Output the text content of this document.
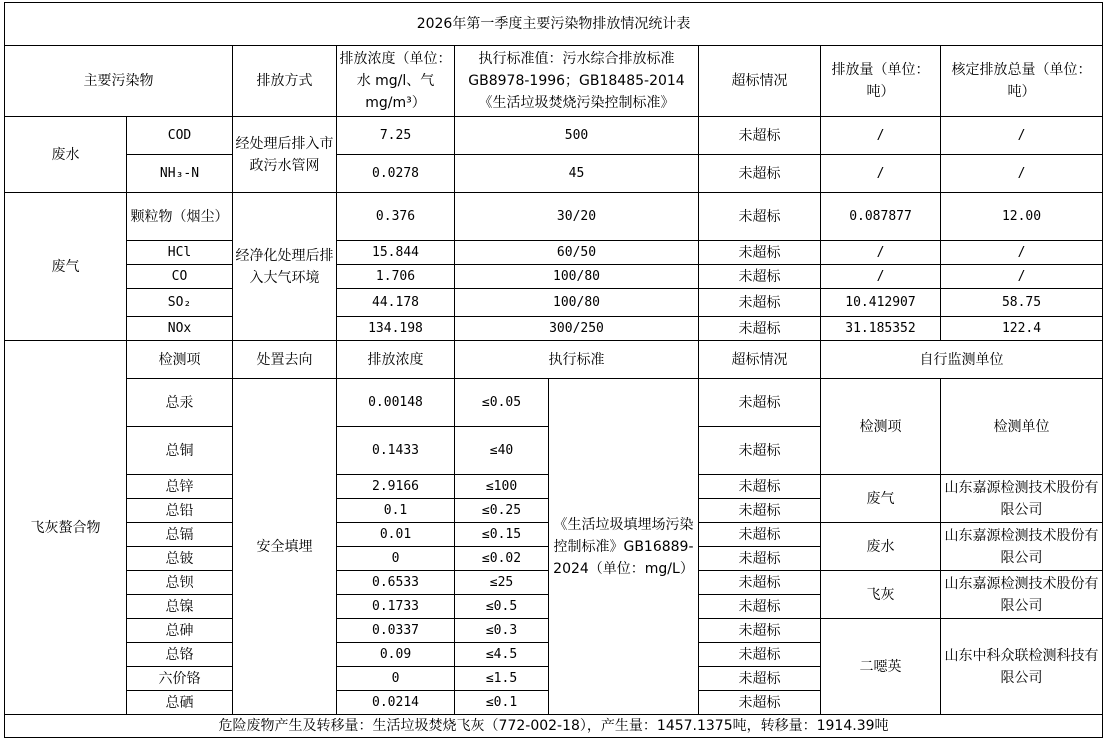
2026年第一季度主要污染物排放情况统计表								
主要污染物		排放方式	排放浓度（单位：水 mg/l、气 mg/m³）	执行标准值：污水综合排放标准GB8978-1996；GB18485-2014《生活垃圾焚烧污染控制标准》		超标情况	排放量（单位：吨）	核定排放总量（单位：吨）
废水	COD	经处理后排入市政污水管网	7.25	500		未超标	/	/
	NH₃-N		0.0278	45		未超标	/	/
废气	颗粒物（烟尘）	经净化处理后排入大气环境	0.376	30/20		未超标	0.087877	12.00
	HCl		15.844	60/50		未超标	/	/
	CO		1.706	100/80		未超标	/	/
	SO₂		44.178	100/80		未超标	10.412907	58.75
	NOx		134.198	300/250		未超标	31.185352	122.4
飞灰螯合物	检测项	处置去向	排放浓度	执行标准		超标情况	自行监测单位	
	总汞	安全填埋	0.00148	≤0.05	《生活垃圾填埋场污染控制标准》GB16889-2024（单位：mg/L）	未超标	检测项	检测单位
	总铜		0.1433	≤40		未超标		
	总锌		2.9166	≤100		未超标	废气	山东嘉源检测技术股份有限公司
	总铅		0.1	≤0.25		未超标		
	总镉		0.01	≤0.15		未超标	废水	山东嘉源检测技术股份有限公司
	总铍		0	≤0.02		未超标		
	总钡		0.6533	≤25		未超标	飞灰	山东嘉源检测技术股份有限公司
	总镍		0.1733	≤0.5		未超标		
	总砷		0.0337	≤0.3		未超标	二噁英	山东中科众联检测科技有限公司
	总铬		0.09	≤4.5		未超标		
	六价铬		0	≤1.5		未超标		
	总硒		0.0214	≤0.1		未超标		
危险废物产生及转移量：生活垃圾焚烧飞灰（772-002-18），产生量：1457.1375吨，转移量：1914.39吨								
